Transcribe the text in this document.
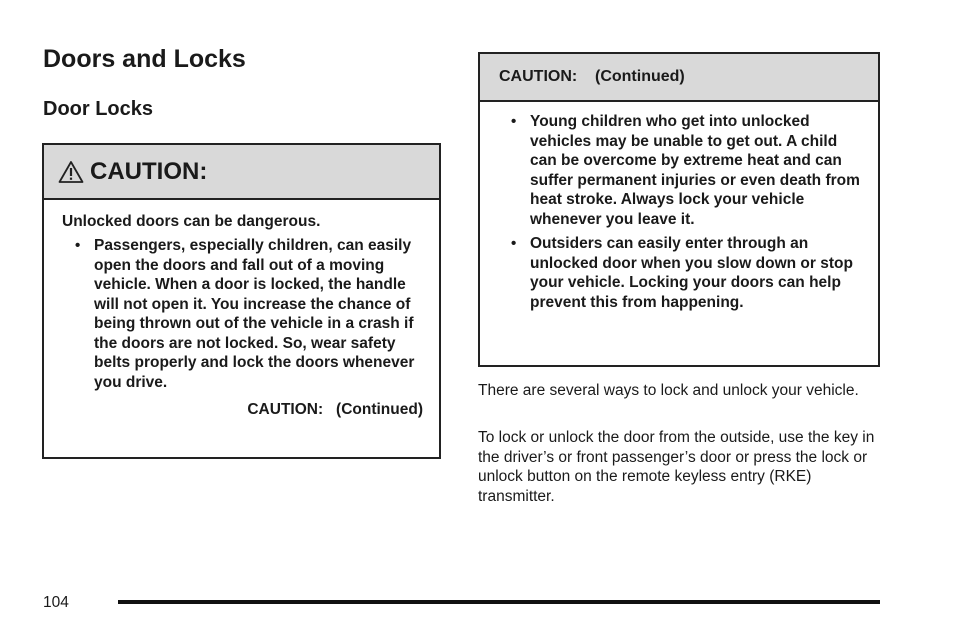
Doors and Locks
Door Locks
CAUTION:

Unlocked doors can be dangerous.

• Passengers, especially children, can easily open the doors and fall out of a moving vehicle. When a door is locked, the handle will not open it. You increase the chance of being thrown out of the vehicle in a crash if the doors are not locked. So, wear safety belts properly and lock the doors whenever you drive.
CAUTION:   (Continued)
CAUTION:    (Continued)
• Young children who get into unlocked vehicles may be unable to get out. A child can be overcome by extreme heat and can suffer permanent injuries or even death from heat stroke. Always lock your vehicle whenever you leave it.
• Outsiders can easily enter through an unlocked door when you slow down or stop your vehicle. Locking your doors can help prevent this from happening.

There are several ways to lock and unlock your vehicle.

To lock or unlock the door from the outside, use the key in the driver’s or front passenger’s door or press the lock or unlock button on the remote keyless entry (RKE) transmitter.

104
